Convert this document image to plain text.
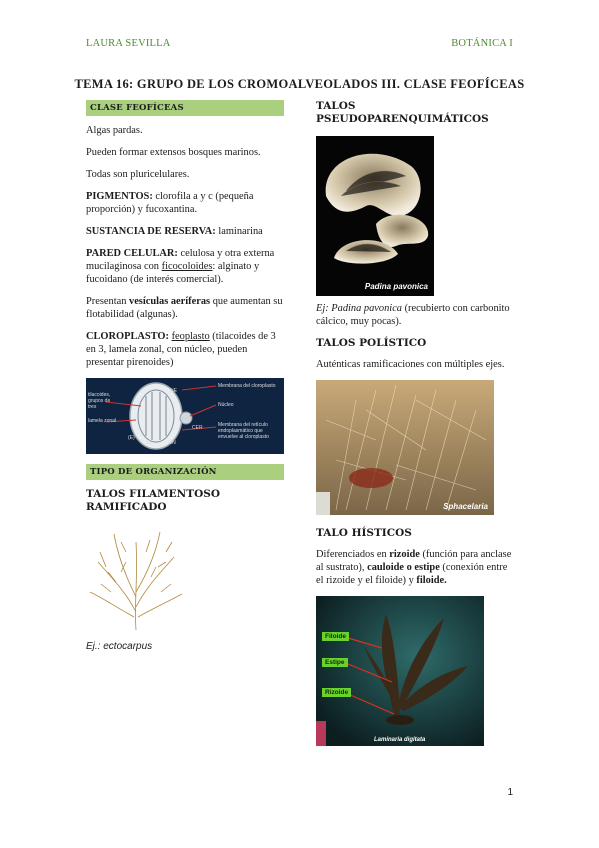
LAURA SEVILLA	BOTÁNICA I
TEMA 16: GRUPO DE LOS CROMOALVEOLADOS III. CLASE FEOFÍCEAS
CLASE FEOFÍCEAS

Algas pardas.

Pueden formar extensos bosques marinos.

Todas son pluricelulares.

PIGMENTOS: clorofila a y c (pequeña proporción) y fucoxantina.

SUSTANCIA DE RESERVA: laminarina

PARED CELULAR: celulosa y otra externa mucilaginosa con ficocoloides: alginato y fucoidano (de interés comercial).

Presentan vesículas aeríferas que aumentan su flotabilidad (algunas).

CLOROPLASTO: feoplasto (tilacoides de 3 en 3, lamela zonal, con núcleo, pueden presentar pirenoides)

Membrana del cloroplasto
Núcleo
Membrana del retículo endoplasmático que envuelve al cloroplasto
tilacoides, grupos de tres
lamela zonal
(E)
NE
CER
MN
ZL
TIPO DE ORGANIZACIÓN
TALOS FILAMENTOSO RAMIFICADO

Ej.: ectocarpus

TALOS PSEUDOPARENQUIMÁTICOS
Padina pavonica

Ej: Padina pavonica (recubierto con carbonito cálcico, muy pocas).

TALOS POLÍSTICO

Auténticas ramificaciones con múltiples ejes.

Sphacelaria
TALO HÍSTICOS

Diferenciados en rizoide (función para anclase al sustrato), cauloide o estipe (conexión entre el rizoide y el filoide) y filoide.

Filoide
Estipe
Rizoide
Laminaria digitata
1
